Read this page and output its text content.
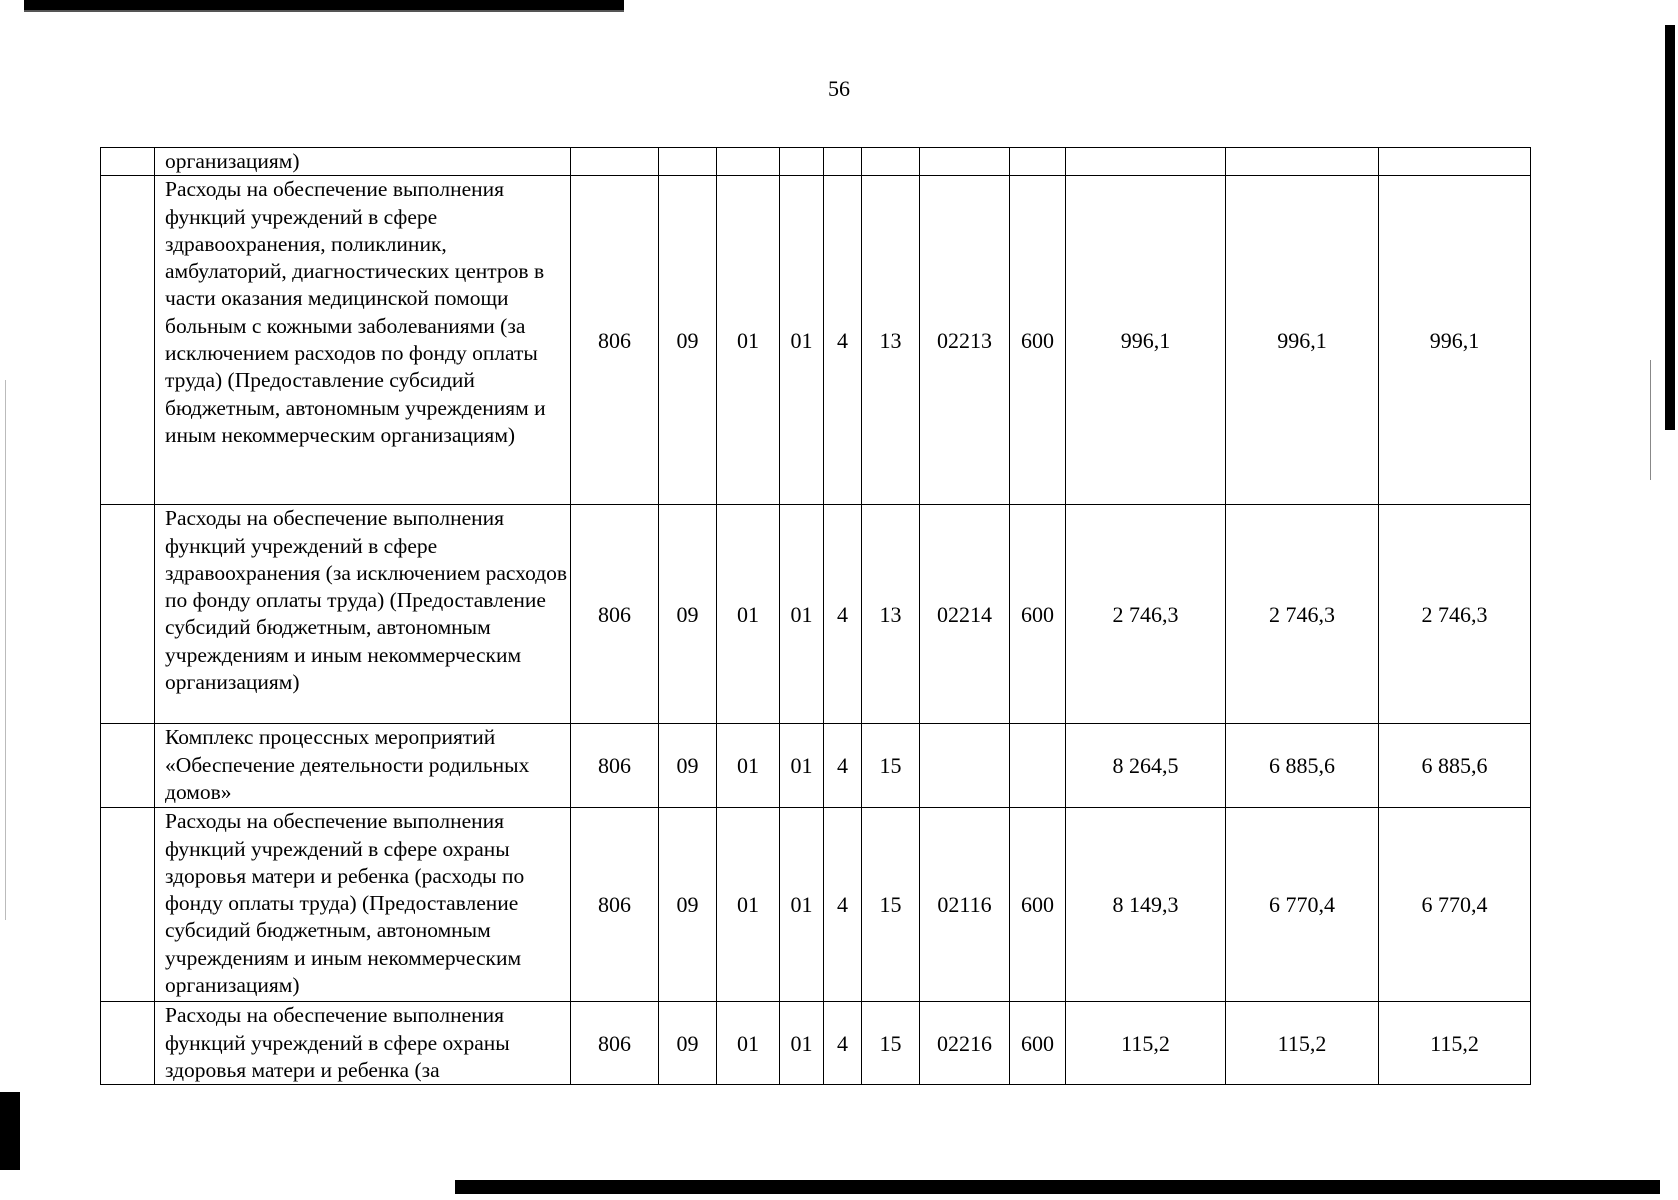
56
	организациям)											
	Расходы на обеспечение выполнения функций учреждений в сфере здравоохранения, поликлиник, амбулаторий, диагностических центров в части оказания медицинской помощи больным с кожными заболеваниями (за исключением расходов по фонду оплаты труда) (Предоставление субсидий бюджетным, автономным учреждениям и иным некоммерческим организациям)	806	09	01	01	4	13	02213	600	996,1	996,1	996,1
	Расходы на обеспечение выполнения функций учреждений в сфере здравоохранения (за исключением расходов по фонду оплаты труда) (Предоставление субсидий бюджетным, автономным учреждениям и иным некоммерческим организациям)	806	09	01	01	4	13	02214	600	2 746,3	2 746,3	2 746,3
	Комплекс процессных мероприятий «Обеспечение деятельности родильных домов»	806	09	01	01	4	15			8 264,5	6 885,6	6 885,6
	Расходы на обеспечение выполнения функций учреждений в сфере охраны здоровья матери и ребенка (расходы по фонду оплаты труда) (Предоставление субсидий бюджетным, автономным учреждениям и иным некоммерческим организациям)	806	09	01	01	4	15	02116	600	8 149,3	6 770,4	6 770,4
	Расходы на обеспечение выполнения функций учреждений в сфере охраны здоровья матери и ребенка (за	806	09	01	01	4	15	02216	600	115,2	115,2	115,2
